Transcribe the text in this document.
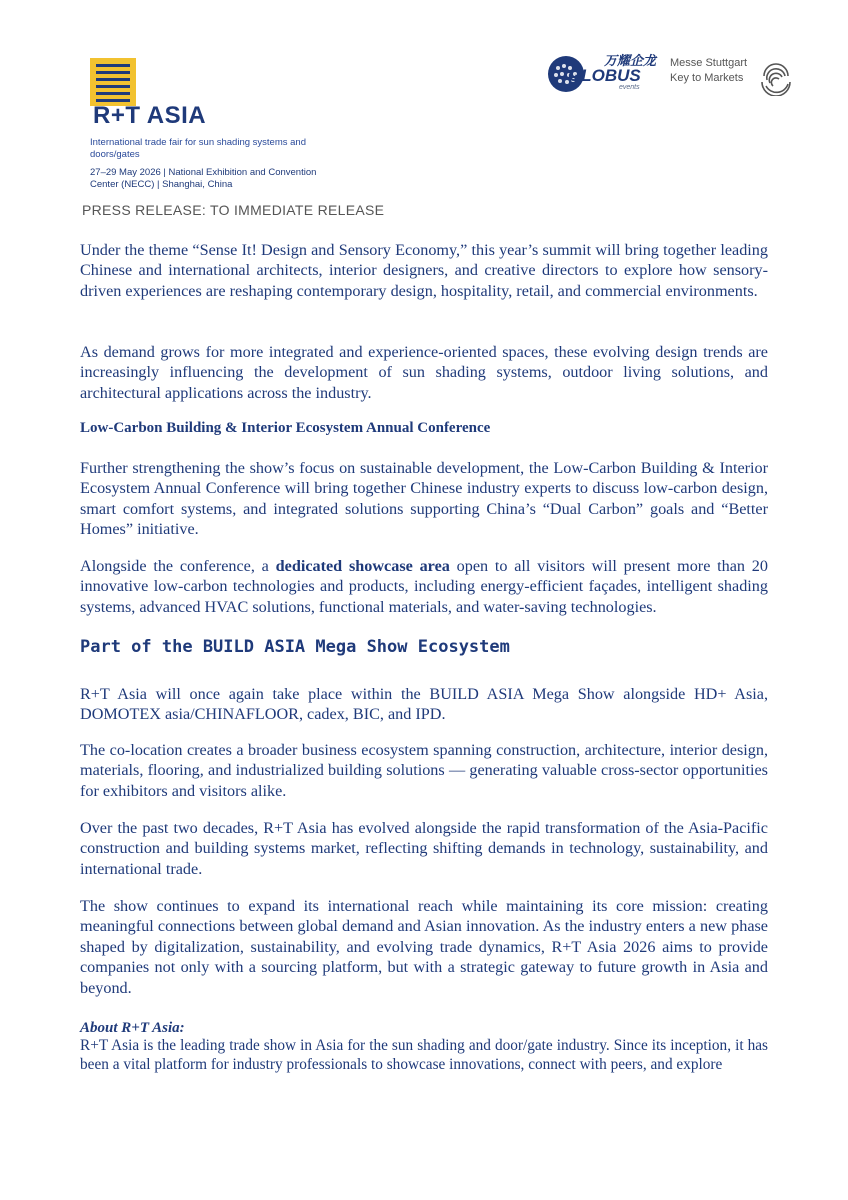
R+T ASIA
International trade fair for sun shading systems and doors/gates
27–29 May 2026 | National Exhibition and Convention Center (NECC) | Shanghai, China
万耀企龙
GLOBUS
events
Messe Stuttgart
Key to Markets
PRESS RELEASE: TO IMMEDIATE RELEASE

Under the theme “Sense It! Design and Sensory Economy,” this year’s summit will bring together leading Chinese and international architects, interior designers, and creative directors to explore how sensory-driven experiences are reshaping contemporary design, hospitality, retail, and commercial environments.

As demand grows for more integrated and experience-oriented spaces, these evolving design trends are increasingly influencing the development of sun shading systems, outdoor living solutions, and architectural applications across the industry.

Low-Carbon Building & Interior Ecosystem Annual Conference

Further strengthening the show’s focus on sustainable development, the Low-Carbon Building & Interior Ecosystem Annual Conference will bring together Chinese industry experts to discuss low-carbon design, smart comfort systems, and integrated solutions supporting China’s “Dual Carbon” goals and “Better Homes” initiative.

Alongside the conference, a dedicated showcase area open to all visitors will present more than 20 innovative low-carbon technologies and products, including energy-efficient façades, intelligent shading systems, advanced HVAC solutions, functional materials, and water-saving technologies.

Part of the BUILD ASIA Mega Show Ecosystem

R+T Asia will once again take place within the BUILD ASIA Mega Show alongside HD+ Asia, DOMOTEX asia/CHINAFLOOR, cadex, BIC, and IPD.

The co-location creates a broader business ecosystem spanning construction, architecture, interior design, materials, flooring, and industrialized building solutions — generating valuable cross-sector opportunities for exhibitors and visitors alike.

Over the past two decades, R+T Asia has evolved alongside the rapid transformation of the Asia-Pacific construction and building systems market, reflecting shifting demands in technology, sustainability, and international trade.

The show continues to expand its international reach while maintaining its core mission: creating meaningful connections between global demand and Asian innovation. As the industry enters a new phase shaped by digitalization, sustainability, and evolving trade dynamics, R+T Asia 2026 aims to provide companies not only with a sourcing platform, but with a strategic gateway to future growth in Asia and beyond.

About R+T Asia:

R+T Asia is the leading trade show in Asia for the sun shading and door/gate industry. Since its inception, it has been a vital platform for industry professionals to showcase innovations, connect with peers, and explore
